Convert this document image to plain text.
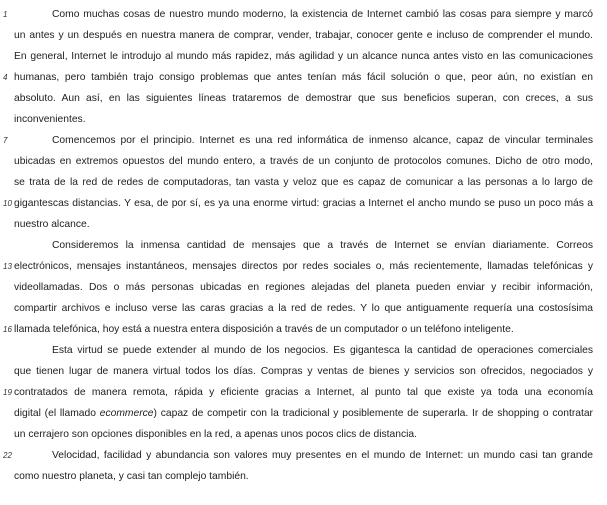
1	Como muchas cosas de nuestro mundo moderno, la existencia de Internet cambió las cosas para siempre y marcó
un antes y un después en nuestra manera de comprar, vender, trabajar, conocer gente e incluso de comprender el mundo.
En general, Internet le introdujo al mundo más rapidez, más agilidad y un alcance nunca antes visto en las comunicaciones
4 humanas, pero también trajo consigo problemas que antes tenían más fácil solución o que, peor aún, no existían en
absoluto. Aun así, en las siguientes líneas trataremos de demostrar que sus beneficios superan, con creces, a sus
inconvenientes.
7	Comencemos por el principio. Internet es una red informática de inmenso alcance, capaz de vincular terminales
ubicadas en extremos opuestos del mundo entero, a través de un conjunto de protocolos comunes. Dicho de otro modo,
se trata de la red de redes de computadoras, tan vasta y veloz que es capaz de comunicar a las personas a lo largo de
10 gigantescas distancias. Y esa, de por sí, es ya una enorme virtud: gracias a Internet el ancho mundo se puso un poco más a
nuestro alcance.
Consideremos la inmensa cantidad de mensajes que a través de Internet se envían diariamente. Correos
13 electrónicos, mensajes instantáneos, mensajes directos por redes sociales o, más recientemente, llamadas telefónicas y
videollamadas. Dos o más personas ubicadas en regiones alejadas del planeta pueden enviar y recibir información,
compartir archivos e incluso verse las caras gracias a la red de redes. Y lo que antiguamente requería una costosísima
16 llamada telefónica, hoy está a nuestra entera disposición a través de un computador o un teléfono inteligente.
Esta virtud se puede extender al mundo de los negocios. Es gigantesca la cantidad de operaciones comerciales
que tienen lugar de manera virtual todos los días. Compras y ventas de bienes y servicios son ofrecidos, negociados y
19 contratados de manera remota, rápida y eficiente gracias a Internet, al punto tal que existe ya toda una economía
digital (el llamado ecommerce) capaz de competir con la tradicional y posiblemente de superarla. Ir de shopping o contratar
un cerrajero son opciones disponibles en la red, a apenas unos pocos clics de distancia.
22	Velocidad, facilidad y abundancia son valores muy presentes en el mundo de Internet: un mundo casi tan grande
como nuestro planeta, y casi tan complejo también.
